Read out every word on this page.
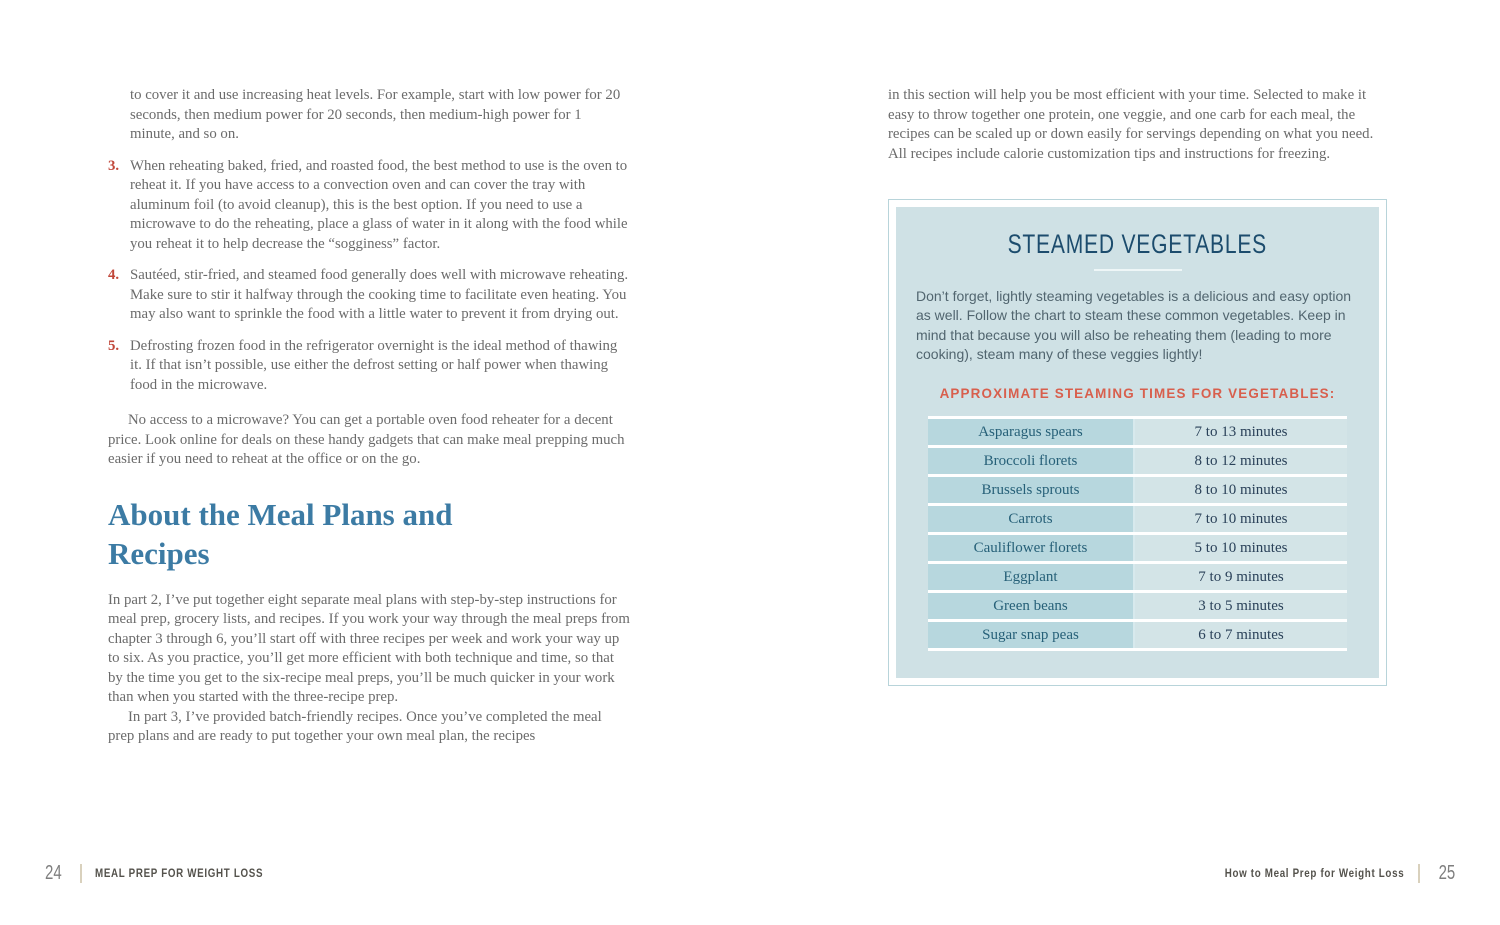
to cover it and use increasing heat levels. For example, start with low power for 20 seconds, then medium power for 20 seconds, then medium-high power for 1 minute, and so on.

3. When reheating baked, fried, and roasted food, the best method to use is the oven to reheat it. If you have access to a convection oven and can cover the tray with aluminum foil (to avoid cleanup), this is the best option. If you need to use a microwave to do the reheating, place a glass of water in it along with the food while you reheat it to help decrease the “sogginess” factor.

4. Sautéed, stir-fried, and steamed food generally does well with microwave reheating. Make sure to stir it halfway through the cooking time to facilitate even heating. You may also want to sprinkle the food with a little water to prevent it from drying out.

5. Defrosting frozen food in the refrigerator overnight is the ideal method of thawing it. If that isn’t possible, use either the defrost setting or half power when thawing food in the microwave.

No access to a microwave? You can get a portable oven food reheater for a decent price. Look online for deals on these handy gadgets that can make meal prepping much easier if you need to reheat at the office or on the go.

About the Meal Plans and Recipes

In part 2, I’ve put together eight separate meal plans with step-by-step instructions for meal prep, grocery lists, and recipes. If you work your way through the meal preps from chapter 3 through 6, you’ll start off with three recipes per week and work your way up to six. As you practice, you’ll get more efficient with both technique and time, so that by the time you get to the six-recipe meal preps, you’ll be much quicker in your work than when you started with the three-recipe prep.

In part 3, I’ve provided batch-friendly recipes. Once you’ve completed the meal prep plans and are ready to put together your own meal plan, the recipes

in this section will help you be most efficient with your time. Selected to make it easy to throw together one protein, one veggie, and one carb for each meal, the recipes can be scaled up or down easily for servings depending on what you need. All recipes include calorie customization tips and instructions for freezing.

STEAMED VEGETABLES

Don’t forget, lightly steaming vegetables is a delicious and easy option as well. Follow the chart to steam these common vegetables. Keep in mind that because you will also be reheating them (leading to more cooking), steam many of these veggies lightly!

APPROXIMATE STEAMING TIMES FOR VEGETABLES:
Asparagus spears	7 to 13 minutes
Broccoli florets	8 to 12 minutes
Brussels sprouts	8 to 10 minutes
Carrots	7 to 10 minutes
Cauliflower florets	5 to 10 minutes
Eggplant	7 to 9 minutes
Green beans	3 to 5 minutes
Sugar snap peas	6 to 7 minutes
24	MEAL PREP FOR WEIGHT LOSS	How to Meal Prep for Weight Loss 25
